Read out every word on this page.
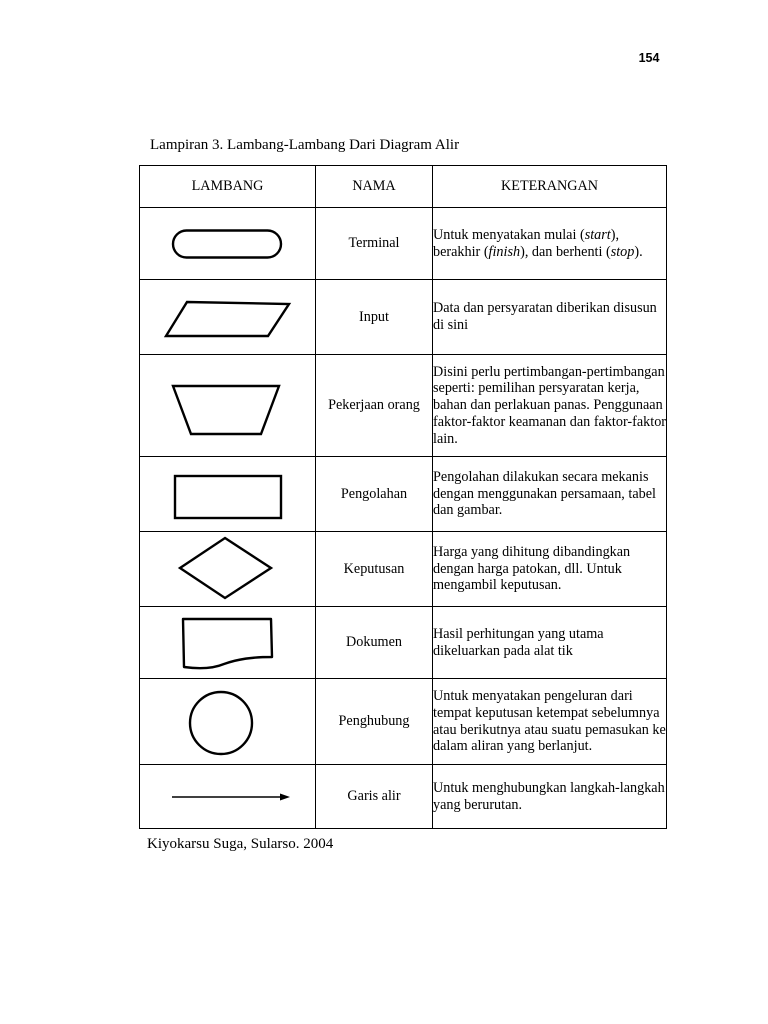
154
Lampiran 3. Lambang-Lambang Dari Diagram Alir
LAMBANG	NAMA	KETERANGAN

	Terminal	Untuk menyatakan mulai (start), berakhir (finish), dan berhenti (stop).

	Input	Data dan persyaratan diberikan disusun di sini

	Pekerjaan orang	Disini perlu pertimbangan-pertimbangan seperti: pemilihan persyaratan kerja, bahan dan perlakuan panas. Penggunaan faktor-faktor keamanan dan faktor-faktor lain.

	Pengolahan	Pengolahan dilakukan secara mekanis dengan menggunakan persamaan, tabel dan gambar.

	Keputusan	Harga yang dihitung dibandingkan dengan harga patokan, dll. Untuk mengambil keputusan.

	Dokumen	Hasil perhitungan yang utama dikeluarkan pada alat tik

	Penghubung	Untuk menyatakan pengeluran dari tempat keputusan ketempat sebelumnya atau berikutnya atau suatu pemasukan ke dalam aliran yang berlanjut.

	Garis alir	Untuk menghubungkan langkah-langkah yang berurutan.
Kiyokarsu Suga, Sularso. 2004
